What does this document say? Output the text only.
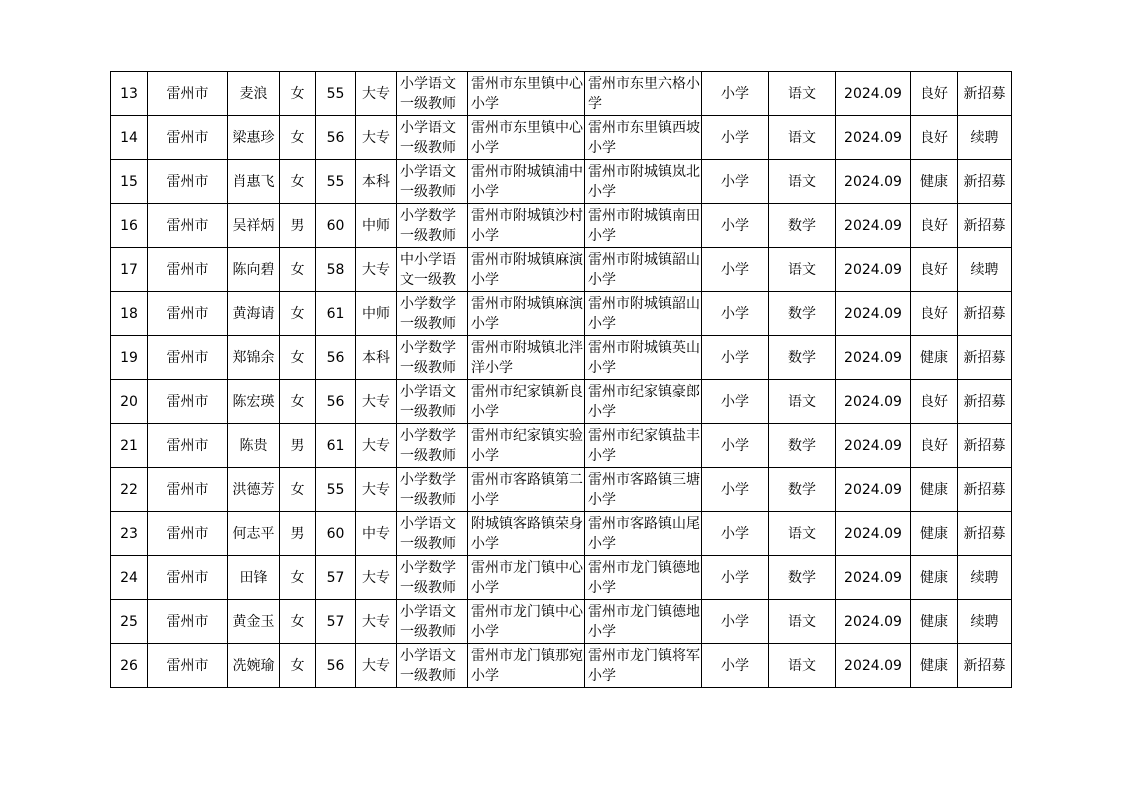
13	雷州市	麦浪	女	55	大专	小学语文一级教师	雷州市东里镇中心小学	雷州市东里六格小学	小学	语文	2024.09	良好	新招募
14	雷州市	梁惠珍	女	56	大专	小学语文一级教师	雷州市东里镇中心小学	雷州市东里镇西坡小学	小学	语文	2024.09	良好	续聘
15	雷州市	肖惠飞	女	55	本科	小学语文一级教师	雷州市附城镇浦中小学	雷州市附城镇岚北小学	小学	语文	2024.09	健康	新招募
16	雷州市	吴祥炳	男	60	中师	小学数学一级教师	雷州市附城镇沙村小学	雷州市附城镇南田小学	小学	数学	2024.09	良好	新招募
17	雷州市	陈向碧	女	58	大专	中小学语文一级教	雷州市附城镇麻演小学	雷州市附城镇韶山小学	小学	语文	2024.09	良好	续聘
18	雷州市	黄海请	女	61	中师	小学数学一级教师	雷州市附城镇麻演小学	雷州市附城镇韶山小学	小学	数学	2024.09	良好	新招募
19	雷州市	郑锦余	女	56	本科	小学数学一级教师	雷州市附城镇北泮洋小学	雷州市附城镇英山小学	小学	数学	2024.09	健康	新招募
20	雷州市	陈宏瑛	女	56	大专	小学语文一级教师	雷州市纪家镇新良小学	雷州市纪家镇豪郎小学	小学	语文	2024.09	良好	新招募
21	雷州市	陈贵	男	61	大专	小学数学一级教师	雷州市纪家镇实验小学	雷州市纪家镇盐丰小学	小学	数学	2024.09	良好	新招募
22	雷州市	洪德芳	女	55	大专	小学数学一级教师	雷州市客路镇第二小学	雷州市客路镇三塘小学	小学	数学	2024.09	健康	新招募
23	雷州市	何志平	男	60	中专	小学语文一级教师	附城镇客路镇荣身小学	雷州市客路镇山尾小学	小学	语文	2024.09	健康	新招募
24	雷州市	田锋	女	57	大专	小学数学一级教师	雷州市龙门镇中心小学	雷州市龙门镇德地小学	小学	数学	2024.09	健康	续聘
25	雷州市	黄金玉	女	57	大专	小学语文一级教师	雷州市龙门镇中心小学	雷州市龙门镇德地小学	小学	语文	2024.09	健康	续聘
26	雷州市	冼婉瑜	女	56	大专	小学语文一级教师	雷州市龙门镇那宛小学	雷州市龙门镇将军小学	小学	语文	2024.09	健康	新招募
